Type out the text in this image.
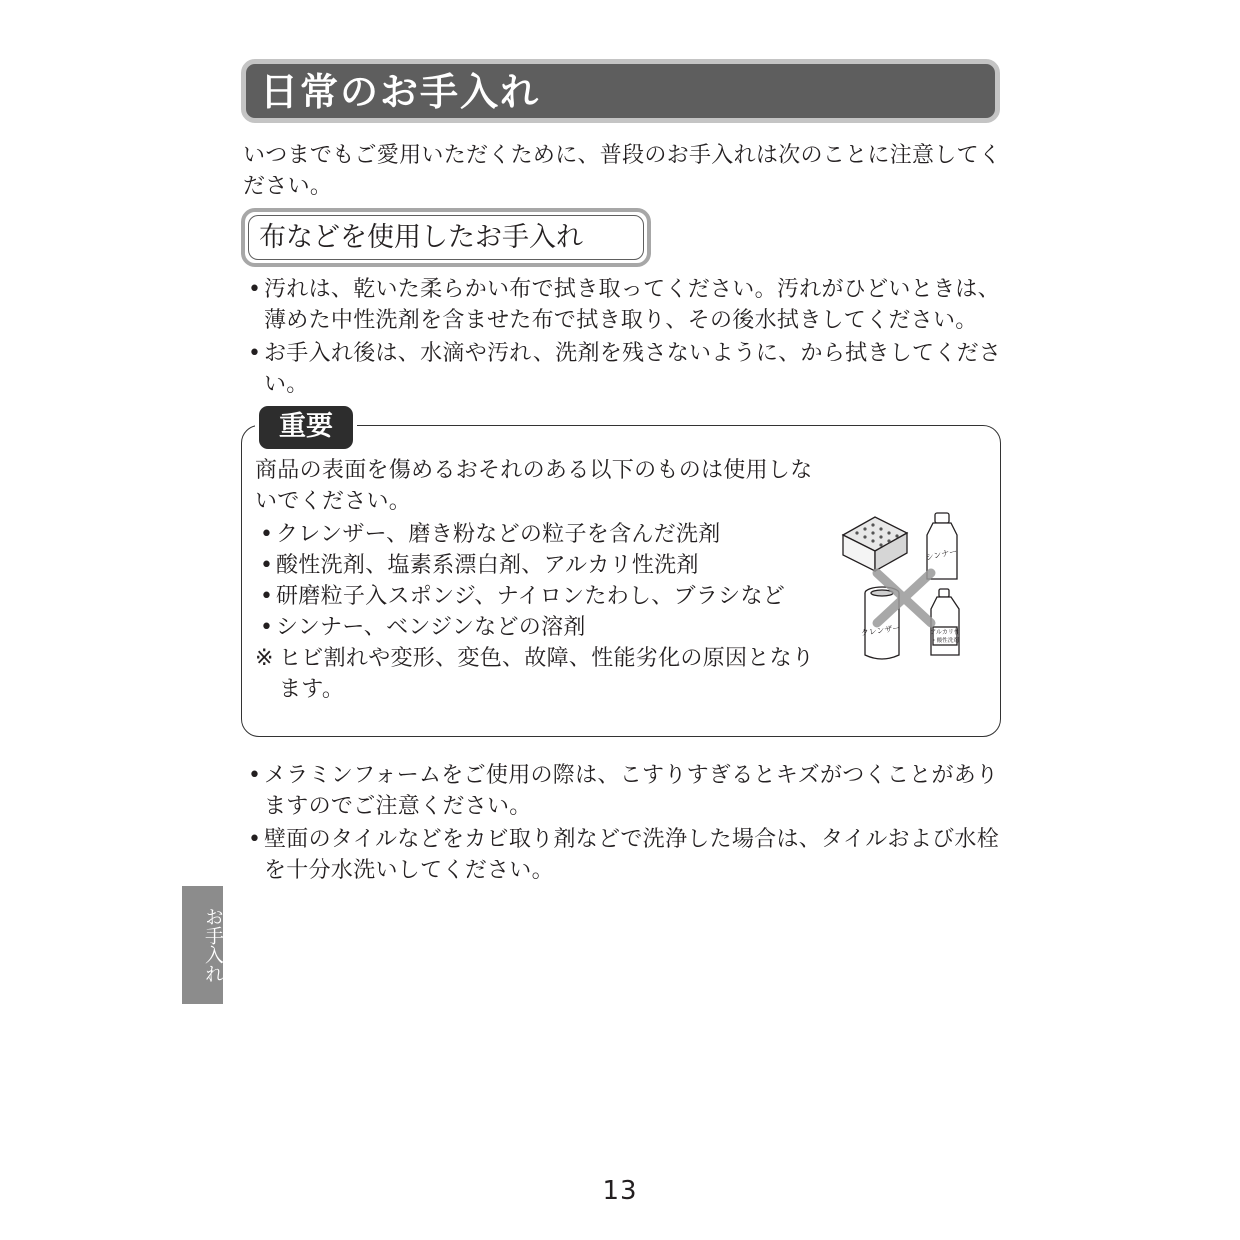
日常のお手入れ

いつまでもご愛用いただくために、普段のお手入れは次のことに注意してください。

布などを使用したお手入れ
• 汚れは、乾いた柔らかい布で拭き取ってください。汚れがひどいときは、薄めた中性洗剤を含ませた布で拭き取り、その後水拭きしてください。
• お手入れ後は、水滴や汚れ、洗剤を残さないように、から拭きしてください。
重要

商品の表面を傷めるおそれのある以下のものは使用しないでください。

• クレンザー、磨き粉などの粒子を含んだ洗剤
• 酸性洗剤、塩素系漂白剤、アルカリ性洗剤
• 研磨粒子入スポンジ、ナイロンたわし、ブラシなど
• シンナー、ベンジンなどの溶剤

※ ヒビ割れや変形、変色、故障、性能劣化の原因となります。

シンナー
クレンザー	アルカリ性
・酸性洗剤
• メラミンフォームをご使用の際は、こすりすぎるとキズがつくことがありますのでご注意ください。
• 壁面のタイルなどをカビ取り剤などで洗浄した場合は、タイルおよび水栓を十分水洗いしてください。
お手入れ
13
